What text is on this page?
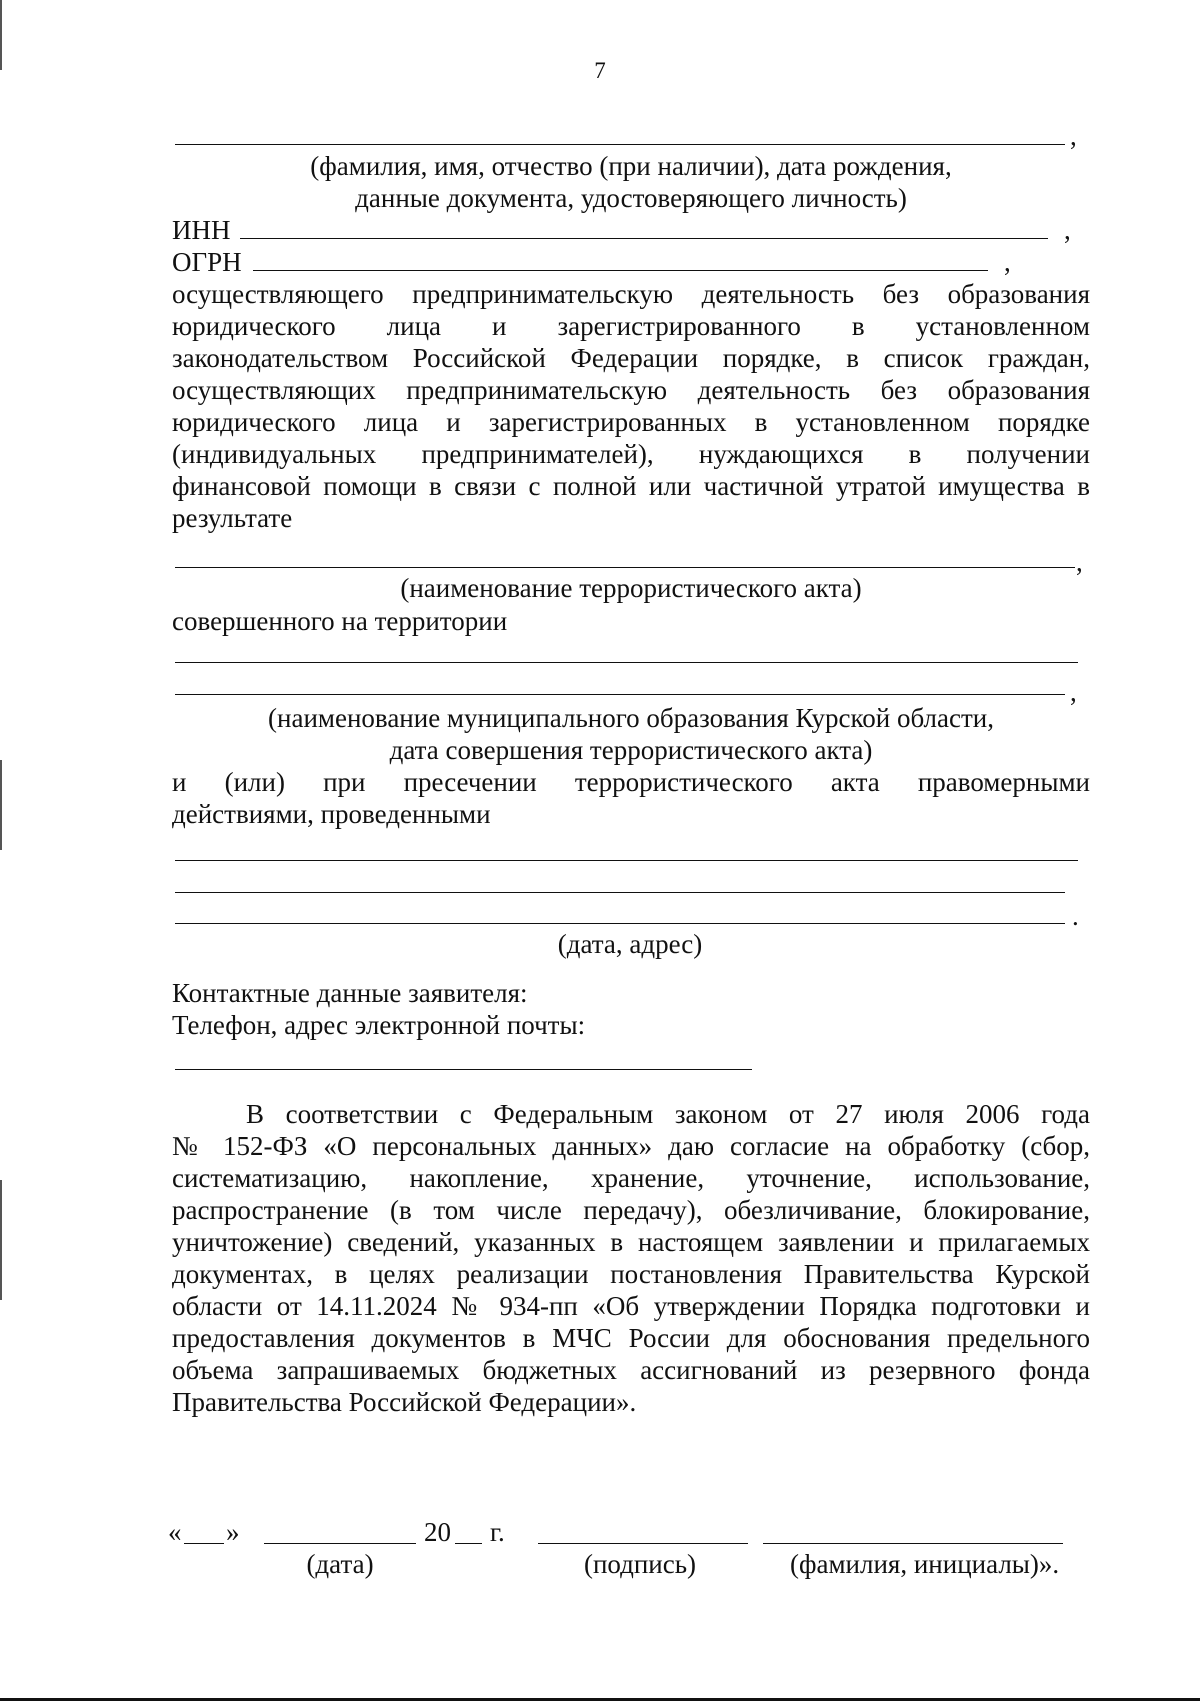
7
,
(фамилия, имя, отчество (при наличии), дата рождения,
данные документа, удостоверяющего личность)
ИНН	,
ОГРН	,
осуществляющего предпринимательскую деятельность без образования
юридического лица и зарегистрированного в установленном
законодательством Российской Федерации порядке, в список граждан,
осуществляющих предпринимательскую деятельность без образования
юридического лица и зарегистрированных в установленном порядке
(индивидуальных предпринимателей), нуждающихся в получении
финансовой помощи в связи с полной или частичной утратой имущества в
результате
,
(наименование террористического акта)
совершенного на территории
,
(наименование муниципального образования Курской области,
дата совершения террористического акта)
и (или) при пресечении террористического акта правомерными
действиями, проведенными
.
(дата, адрес)
Контактные данные заявителя:
Телефон, адрес электронной почты:
В соответствии с Федеральным законом от 27 июля 2006 года
№ 152-ФЗ «О персональных данных» даю согласие на обработку (сбор,
систематизацию, накопление, хранение, уточнение, использование,
распространение (в том числе передачу), обезличивание, блокирование,
уничтожение) сведений, указанных в настоящем заявлении и прилагаемых
документах, в целях реализации постановления Правительства Курской
области от 14.11.2024 № 934-пп «Об утверждении Порядка подготовки и
предоставления документов в МЧС России для обоснования предельного
объема запрашиваемых бюджетных ассигнований из резервного фонда
Правительства Российской Федерации».
« »	20 г.
(дата)	(подпись)	(фамилия, инициалы)».
